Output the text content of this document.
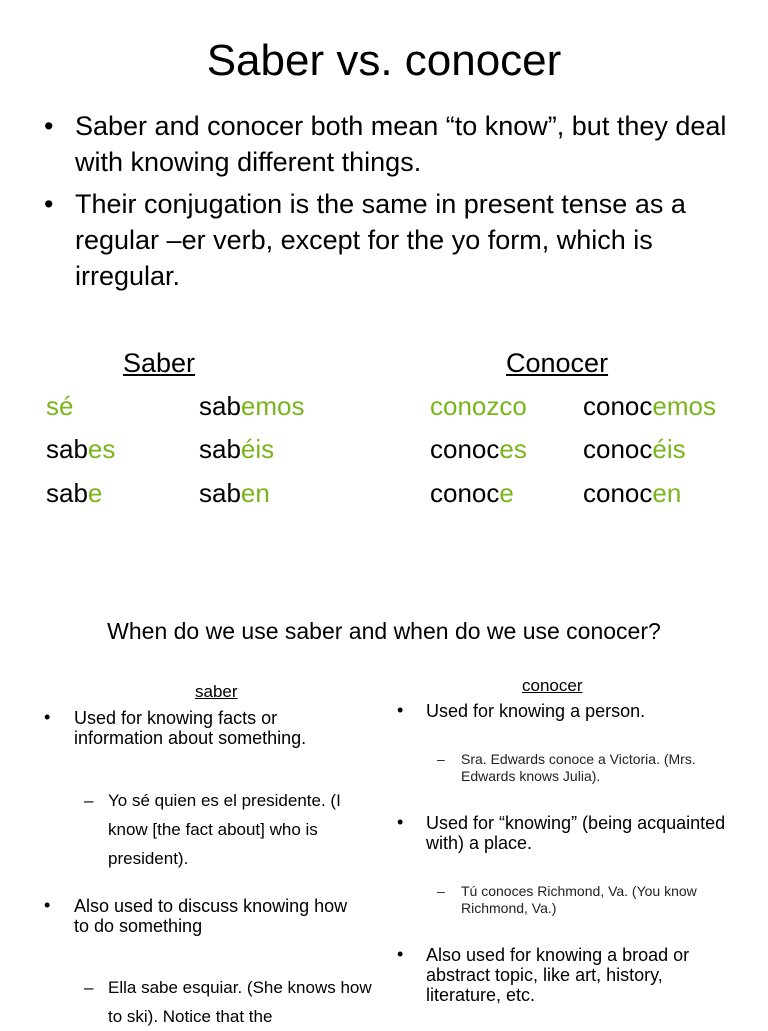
Saber vs. conocer
• Saber and conocer both mean “to know”, but they deal with knowing different things.
• Their conjugation is the same in present tense as a regular –er verb, except for the yo form, which is irregular.
Saber	Conocer
sé	sabemos
sabes	sabéis
sabe	saben
conozco conocemos
conoces conocéis
conoce	conocen
When do we use saber and when do we use conocer?
saber
• Used for knowing facts or information about something.
– Yo sé quien es el presidente. (I know [the fact about] who is president).
• Also used to discuss knowing how to do something
– Ella sabe esquiar. (She knows how to ski). Notice that the
conocer
• Used for knowing a person.
– Sra. Edwards conoce a Victoria. (Mrs. Edwards knows Julia).
• Used for “knowing” (being acquainted with) a place.
– Tú conoces Richmond, Va. (You know Richmond, Va.)
• Also used for knowing a broad or abstract topic, like art, history, literature, etc.
